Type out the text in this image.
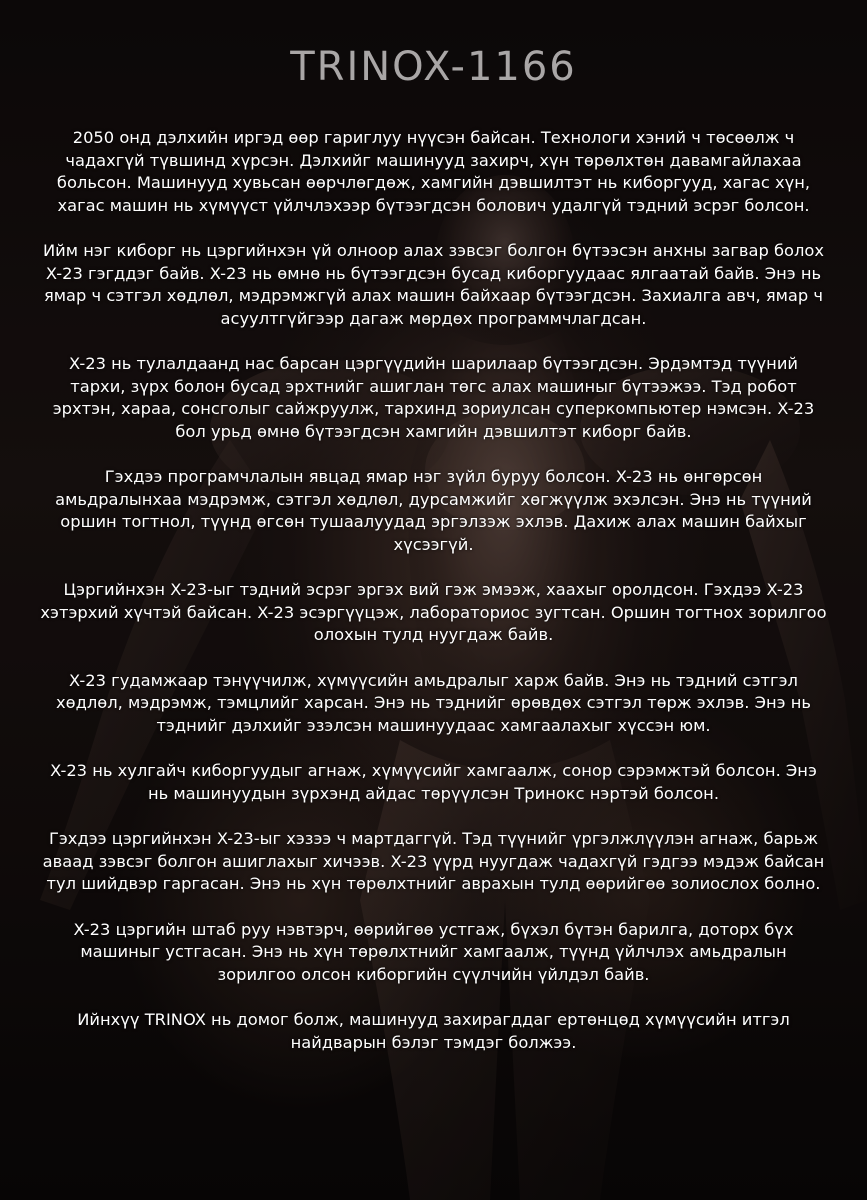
TRINOX-1166

2050 онд дэлхийн иргэд өөр гариглуу нүүсэн байсан. Технологи хэний ч төсөөлж ч чадахгүй түвшинд хүрсэн. Дэлхийг машинууд захирч, хүн төрөлхтөн давамгайлахаа больсон. Машинууд хувьсан өөрчлөгдөж, хамгийн дэвшилтэт нь киборгууд, хагас хүн, хагас машин нь хүмүүст үйлчлэхээр бүтээгдсэн болович удалгүй тэдний эсрэг болсон.

Ийм нэг киборг нь цэргийнхэн үй олноор алах зэвсэг болгон бүтээсэн анхны загвар болох X-23 гэгддэг байв. X-23 нь өмнө нь бүтээгдсэн бусад киборгуудаас ялгаатай байв. Энэ нь ямар ч сэтгэл хөдлөл, мэдрэмжгүй алах машин байхаар бүтээгдсэн. Захиалга авч, ямар ч асуултгүйгээр дагаж мөрдөх программчлагдсан.

X-23 нь тулалдаанд нас барсан цэргүүдийн шарилаар бүтээгдсэн. Эрдэмтэд түүний тархи, зүрх болон бусад эрхтнийг ашиглан төгс алах машиныг бүтээжээ. Тэд робот эрхтэн, хараа, сонсголыг сайжруулж, тархинд зориулсан суперкомпьютер нэмсэн. X-23 бол урьд өмнө бүтээгдсэн хамгийн дэвшилтэт киборг байв.

Гэхдээ програмчлалын явцад ямар нэг зүйл буруу болсон. X-23 нь өнгөрсөн амьдралынхаа мэдрэмж, сэтгэл хөдлөл, дурсамжийг хөгжүүлж эхэлсэн. Энэ нь түүний оршин тогтнол, түүнд өгсөн тушаалуудад эргэлзэж эхлэв. Дахиж алах машин байхыг хүсээгүй.

Цэргийнхэн X-23-ыг тэдний эсрэг эргэх вий гэж эмээж, хаахыг оролдсон. Гэхдээ X-23 хэтэрхий хүчтэй байсан. X-23 эсэргүүцэж, лабораториос зугтсан. Оршин тогтнох зорилгоо олохын тулд нуугдаж байв.

X-23 гудамжаар тэнүүчилж, хүмүүсийн амьдралыг харж байв. Энэ нь тэдний сэтгэл хөдлөл, мэдрэмж, тэмцлийг харсан. Энэ нь тэднийг өрөвдөх сэтгэл төрж эхлэв. Энэ нь тэднийг дэлхийг эзэлсэн машинуудаас хамгаалахыг хүссэн юм.

X-23 нь хулгайч киборгуудыг агнаж, хүмүүсийг хамгаалж, сонор сэрэмжтэй болсон. Энэ нь машинуудын зүрхэнд айдас төрүүлсэн Тринокс нэртэй болсон.

Гэхдээ цэргийнхэн X-23-ыг хэзээ ч мартдаггүй. Тэд түүнийг үргэлжлүүлэн агнаж, барьж аваад зэвсэг болгон ашиглахыг хичээв. X-23 үүрд нуугдаж чадахгүй гэдгээ мэдэж байсан тул шийдвэр гаргасан. Энэ нь хүн төрөлхтнийг аврахын тулд өөрийгөө золиослох болно.

X-23 цэргийн штаб руу нэвтэрч, өөрийгөө устгаж, бүхэл бүтэн барилга, доторх бүх машиныг устгасан. Энэ нь хүн төрөлхтнийг хамгаалж, түүнд үйлчлэх амьдралын зорилгоо олсон киборгийн сүүлчийн үйлдэл байв.

Ийнхүү TRINOX нь домог болж, машинууд захирагддаг ертөнцөд хүмүүсийн итгэл найдварын бэлэг тэмдэг болжээ.
